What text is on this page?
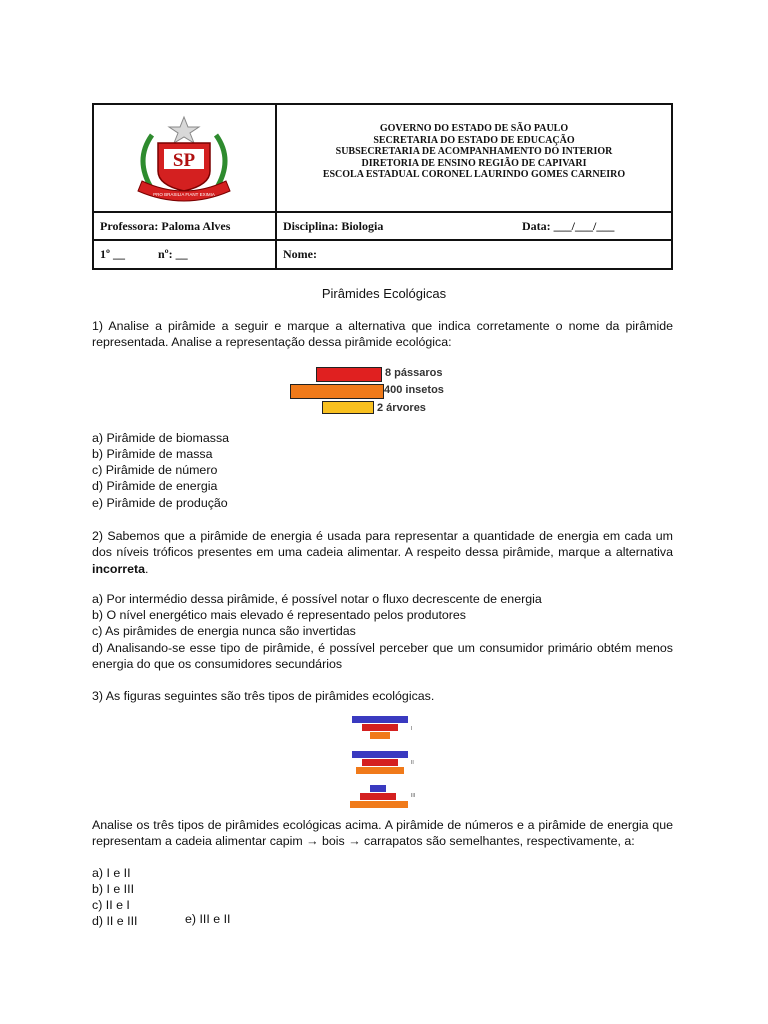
SP
PRO BRASILIA FIANT EXIMIA
GOVERNO DO ESTADO DE SÃO PAULO
SECRETARIA DO ESTADO DE EDUCAÇÃO
SUBSECRETARIA DE ACOMPANHAMENTO DO INTERIOR
DIRETORIA DE ENSINO REGIÃO DE CAPIVARI
ESCOLA ESTADUAL CORONEL LAURINDO GOMES CARNEIRO
Professora: Paloma Alves	Disciplina: Biologia	Data: ___/___/___
1º __	nº: __	Nome:
Pirâmides Ecológicas
1) Analise a pirâmide a seguir e marque a alternativa que indica corretamente o nome da pirâmide representada. Analise a representação dessa pirâmide ecológica:
8 pássaros
400 insetos
2 árvores
a) Pirâmide de biomassa
b) Pirâmide de massa
c) Pirâmide de número
d) Pirâmide de energia
e) Pirâmide de produção
2) Sabemos que a pirâmide de energia é usada para representar a quantidade de energia em cada um dos níveis tróficos presentes em uma cadeia alimentar. A respeito dessa pirâmide, marque a alternativa incorreta.
a) Por intermédio dessa pirâmide, é possível notar o fluxo decrescente de energia
b) O nível energético mais elevado é representado pelos produtores
c) As pirâmides de energia nunca são invertidas
d) Analisando-se esse tipo de pirâmide, é possível perceber que um consumidor primário obtém menos energia do que os consumidores secundários
3) As figuras seguintes são três tipos de pirâmides ecológicas.
I
II
III
Analise os três tipos de pirâmides ecológicas acima. A pirâmide de números e a pirâmide de energia que representam a cadeia alimentar capim → bois → carrapatos são semelhantes, respectivamente, a:
a) I e II
b) I e III
c) II e I
d) II e III	e) III e II
